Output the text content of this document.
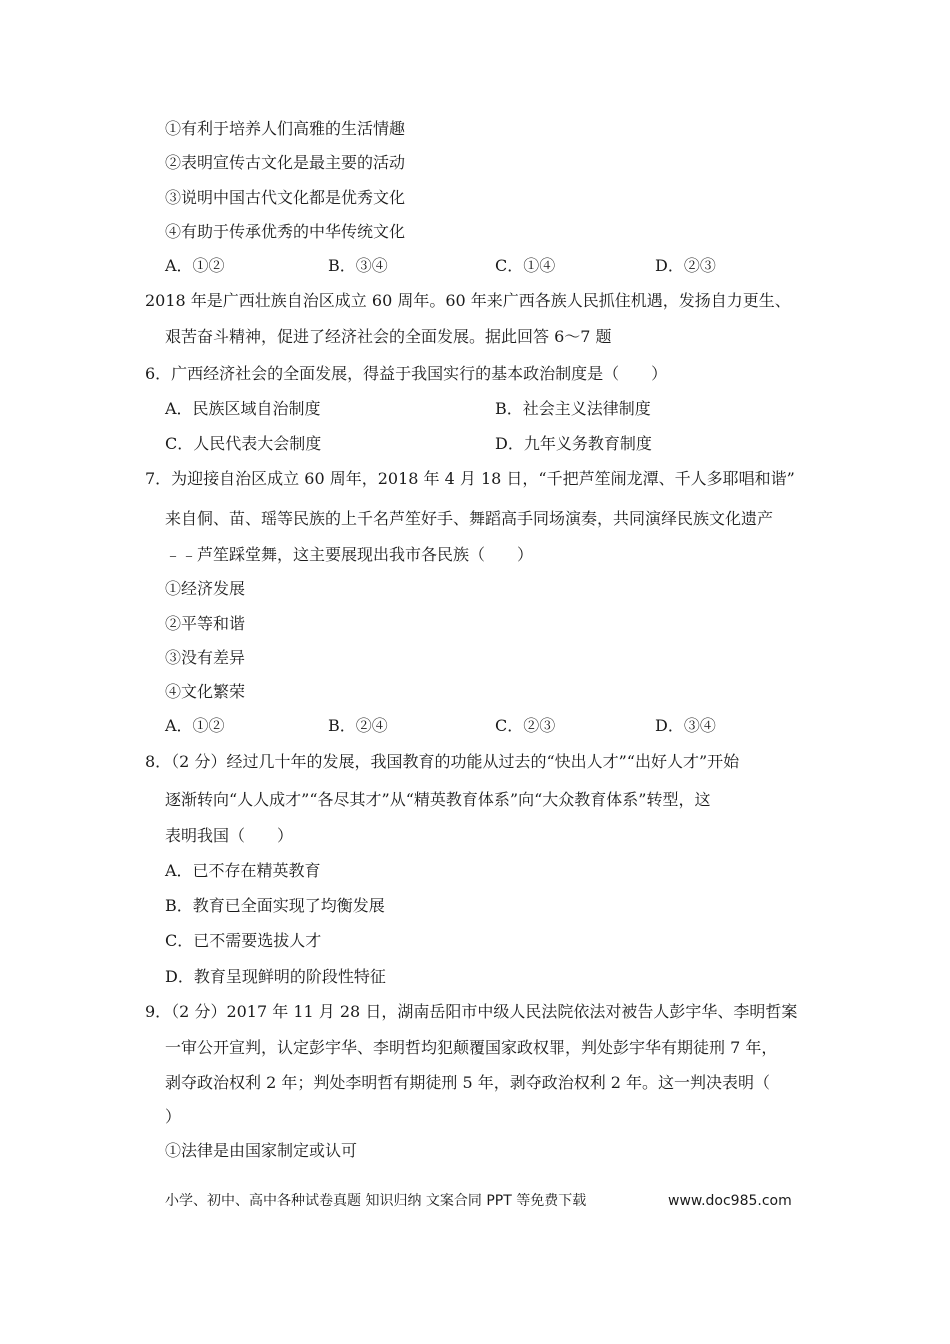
①有利于培养人们高雅的生活情趣
②表明宣传古文化是最主要的活动
③说明中国古代文化都是优秀文化
④有助于传承优秀的中华传统文化
A．①②	B．③④	C．①④	D．②③
2018 年是广西壮族自治区成立 60 周年。60 年来广西各族人民抓住机遇，发扬自力更生、
艰苦奋斗精神，促进了经济社会的全面发展。据此回答 6～7 题
6．广西经济社会的全面发展，得益于我国实行的基本政治制度是（　　）
A．民族区域自治制度	B．社会主义法律制度
C．人民代表大会制度	D．九年义务教育制度
7．为迎接自治区成立 60 周年，2018 年 4 月 18 日，“千把芦笙闹龙潭、千人多耶唱和谐”
来自侗、苗、瑶等民族的上千名芦笙好手、舞蹈高手同场演奏，共同演绎民族文化遗产
﹣﹣芦笙踩堂舞，这主要展现出我市各民族（　　）
①经济发展
②平等和谐
③没有差异
④文化繁荣
A．①②	B．②④	C．②③	D．③④
8．（2 分）经过几十年的发展，我国教育的功能从过去的“快出人才”“出好人才”开始
逐渐转向“人人成才”“各尽其才”从“精英教育体系”向“大众教育体系”转型，这
表明我国（　　）
A．已不存在精英教育
B．教育已全面实现了均衡发展
C．已不需要选拔人才
D．教育呈现鲜明的阶段性特征
9．（2 分）2017 年 11 月 28 日，湖南岳阳市中级人民法院依法对被告人彭宇华、李明哲案
一审公开宣判，认定彭宇华、李明哲均犯颠覆国家政权罪，判处彭宇华有期徒刑 7 年，
剥夺政治权利 2 年；判处李明哲有期徒刑 5 年，剥夺政治权利 2 年。这一判决表明（
）
①法律是由国家制定或认可
小学、初中、高中各种试卷真题 知识归纳 文案合同 PPT 等免费下载	www.doc985.com
